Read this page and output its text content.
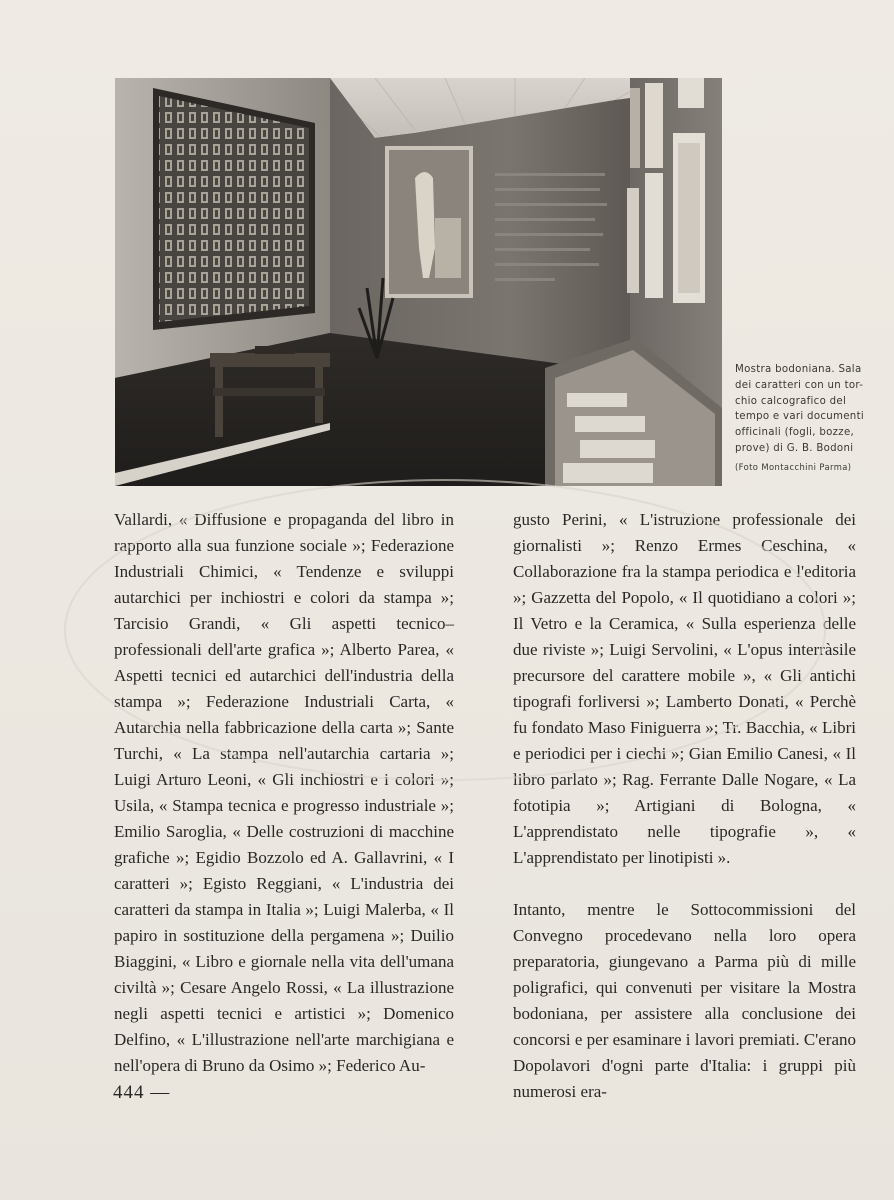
Mostra bodoniana. Sala
dei caratteri con un tor-
chio calcografico del
tempo e vari documenti
officinali (fogli, bozze,
prove) di G. B. Bodoni
(Foto Montacchini Parma)

Vallardi, « Diffusione e propaganda del libro in rapporto alla sua funzione sociale »; Federazione Industriali Chimici, « Tendenze e sviluppi autarchici per inchiostri e colori da stampa »; Tarcisio Grandi, « Gli aspetti tecnico–professionali dell'arte grafica »; Alberto Parea, « Aspetti tecnici ed autarchici dell'industria della stampa »; Federazione Industriali Carta, « Autarchia nella fabbricazione della carta »; Sante Turchi, « La stampa nell'autarchia cartaria »; Luigi Arturo Leoni, « Gli inchiostri e i colori »; Usila, « Stampa tecnica e progresso industriale »; Emilio Saroglia, « Delle costruzioni di macchine grafiche »; Egidio Bozzolo ed A. Gallavrini, « I caratteri »; Egisto Reggiani, « L'industria dei caratteri da stampa in Italia »; Luigi Malerba, « Il papiro in sostituzione della pergamena »; Duilio Biaggini, « Libro e giornale nella vita dell'umana civiltà »; Cesare Angelo Rossi, « La illustrazione negli aspetti tecnici e artistici »; Domenico Delfino, « L'illustrazione nell'arte marchigiana e nell'opera di Bruno da Osimo »; Federico Au-

gusto Perini, « L'istruzione professionale dei giornalisti »; Renzo Ermes Ceschina, « Collaborazione fra la stampa periodica e l'editoria »; Gazzetta del Popolo, « Il quotidiano a colori »; Il Vetro e la Ceramica, « Sulla esperienza delle due riviste »; Luigi Servolini, « L'opus interràsile precursore del carattere mobile », « Gli antichi tipografi forliversi »; Lamberto Donati, « Perchè fu fondato Maso Finiguerra »; Tr. Bacchia, « Libri e periodici per i ciechi »; Gian Emilio Canesi, « Il libro parlato »; Rag. Ferrante Dalle Nogare, « La fototipia »; Artigiani di Bologna, « L'apprendistato nelle tipografie », « L'apprendistato per linotipisti ».

Intanto, mentre le Sottocommissioni del Convegno procedevano nella loro opera preparatoria, giungevano a Parma più di mille poligrafici, qui convenuti per visitare la Mostra bodoniana, per assistere alla conclusione dei concorsi e per esaminare i lavori premiati. C'erano Dopolavori d'ogni parte d'Italia: i gruppi più numerosi era-

444 —
